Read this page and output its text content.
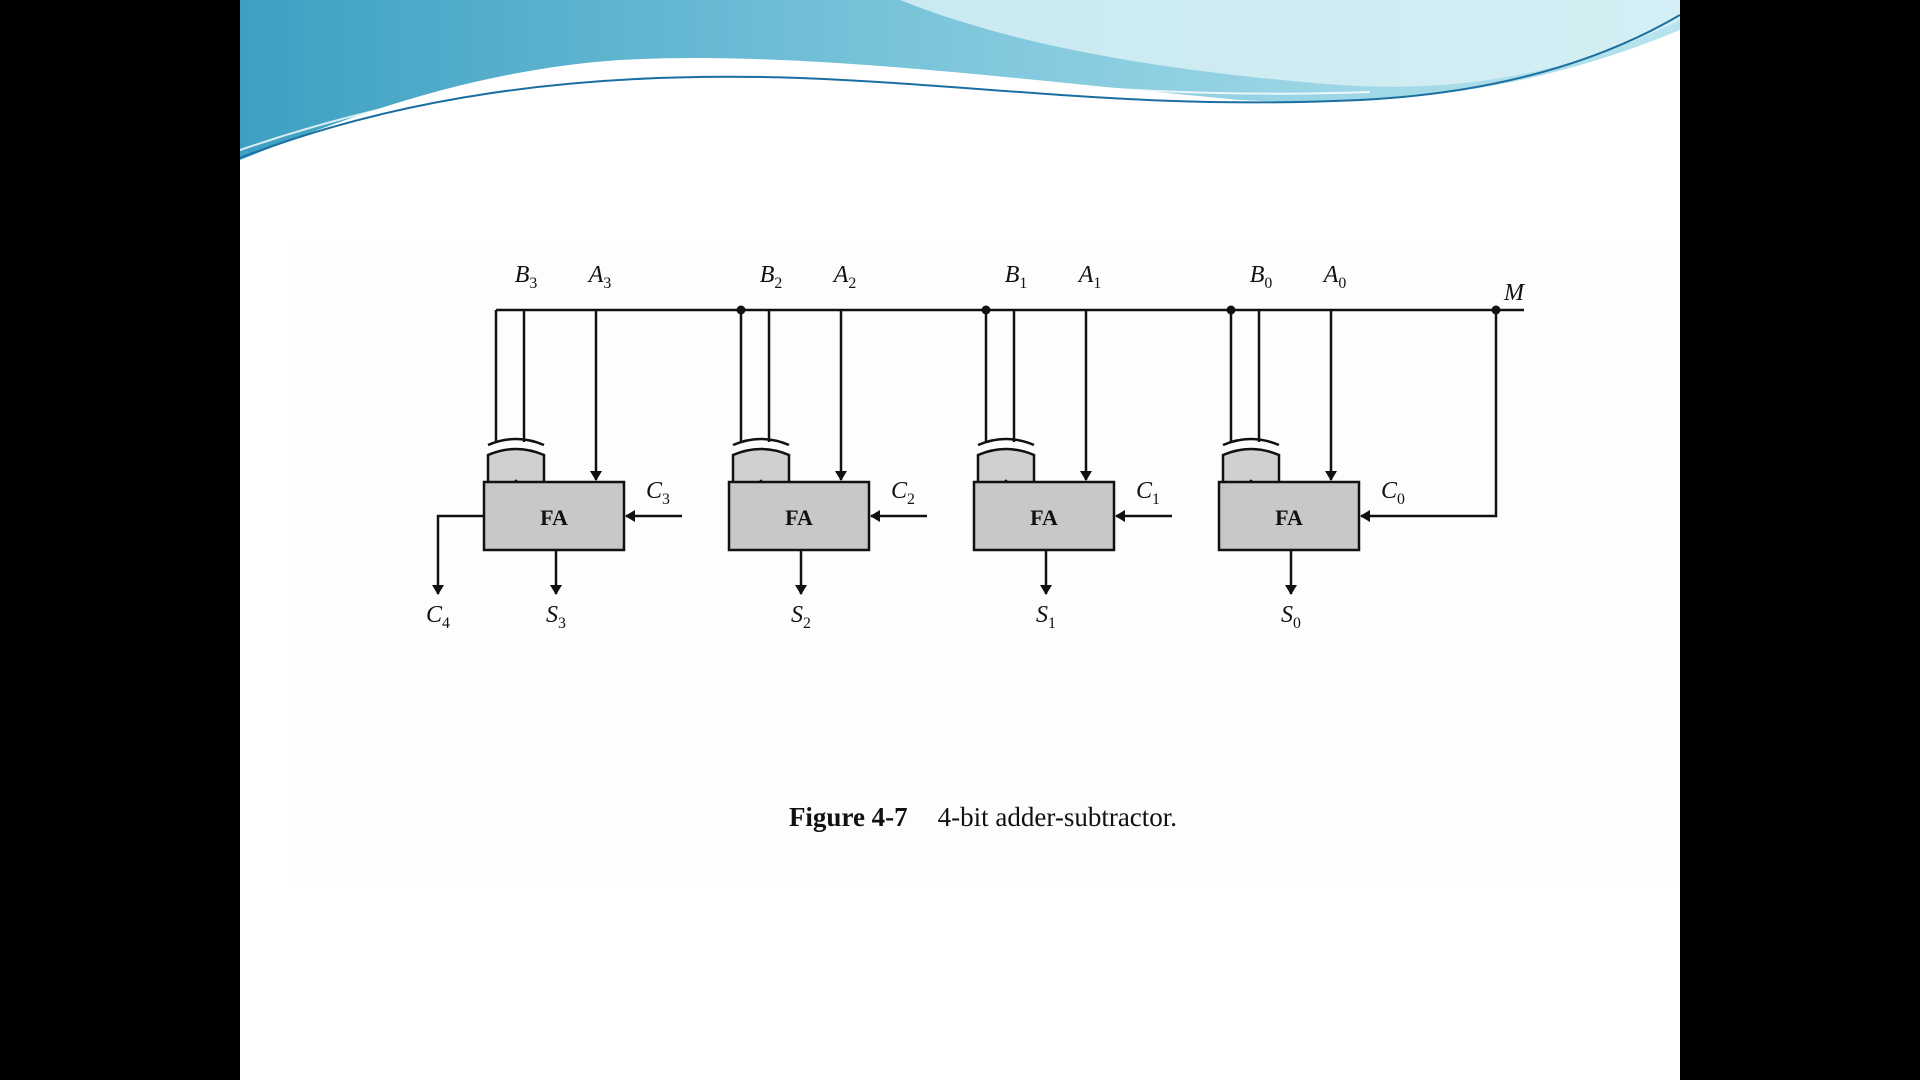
$B_3$ $A_3$
FA
$S_3$
$C_3$
$B_2$ $A_2$
FA
$S_2$
$C_2$
$B_1$ $A_1$
FA
$S_1$
$C_1$
$B_0$ $A_0$
FA
$S_0$
$C_0$
M
$C_4$
Figure 4-7 4-bit adder-subtractor.
